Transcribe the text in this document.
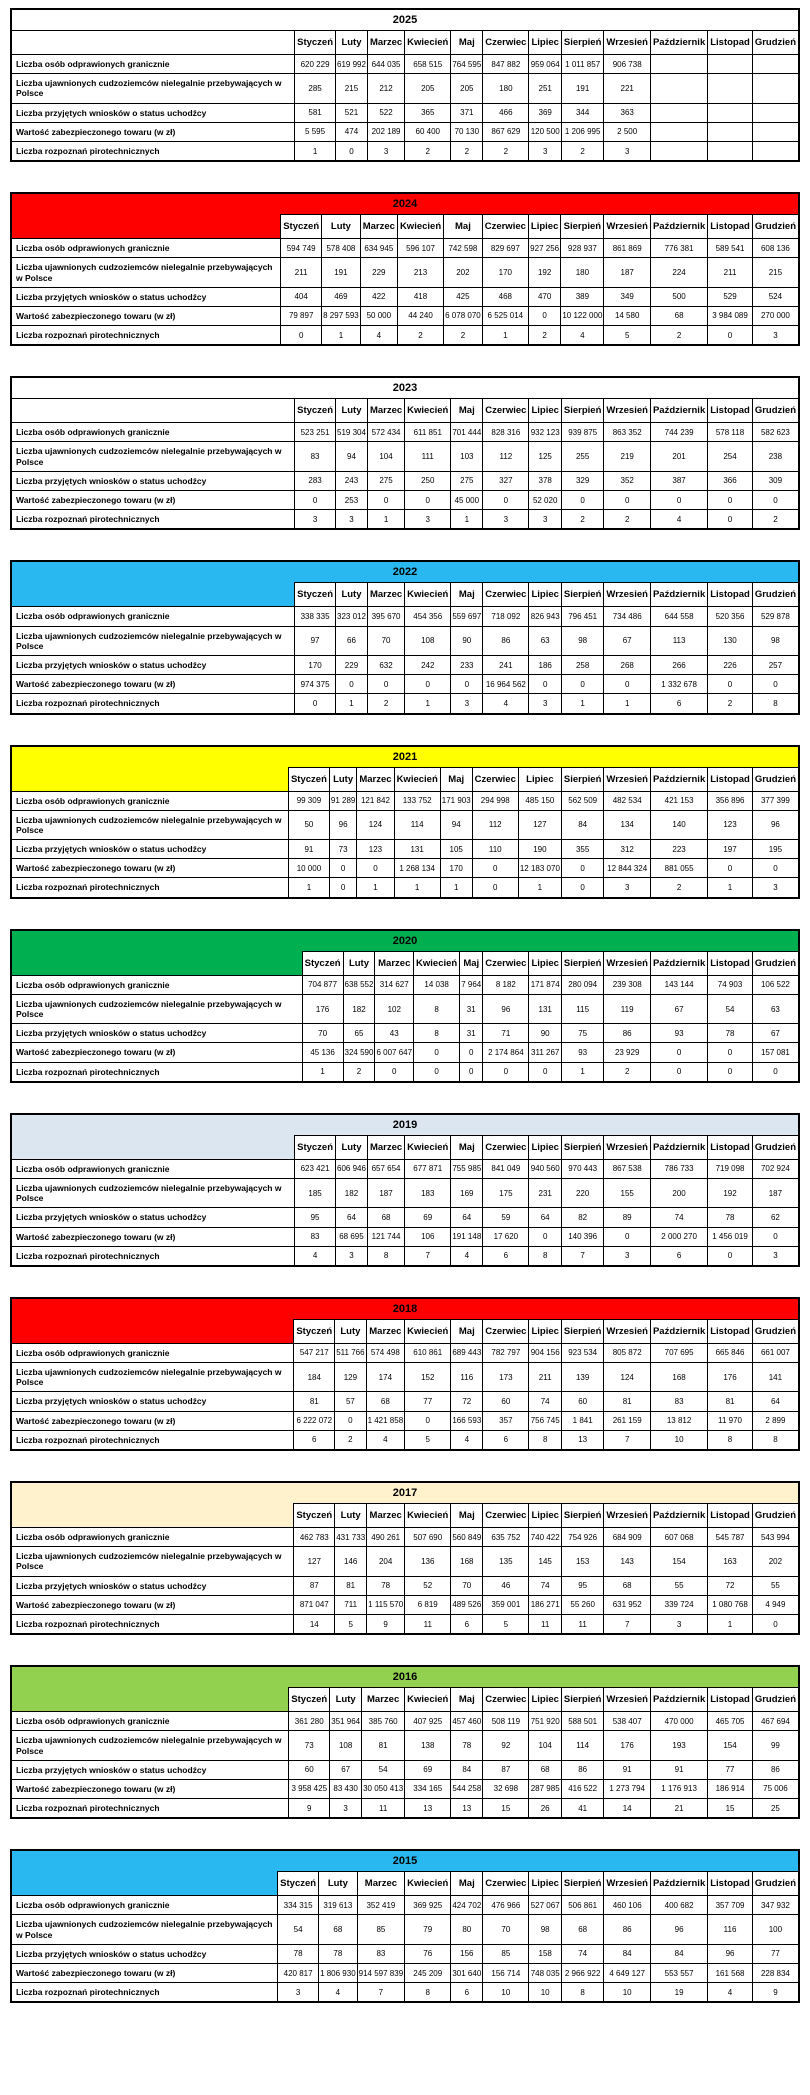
2025												
	Styczeń	Luty	Marzec	Kwiecień	Maj	Czerwiec	Lipiec	Sierpień	Wrzesień	Październik	Listopad	Grudzień
Liczba osób odprawionych granicznie	620 229	619 992	644 035	658 515	764 595	847 882	959 064	1 011 857	906 738			
Liczba ujawnionych cudzoziemców nielegalnie przebywających w Polsce	285	215	212	205	205	180	251	191	221			
Liczba przyjętych wniosków o status uchodźcy	581	521	522	365	371	466	369	344	363			
Wartość zabezpieczonego towaru (w zł)	5 595	474	202 189	60 400	70 130	867 629	120 500	1 206 995	2 500			
Liczba rozpoznań pirotechnicznych	1	0	3	2	2	2	3	2	3			
2024												
	Styczeń	Luty	Marzec	Kwiecień	Maj	Czerwiec	Lipiec	Sierpień	Wrzesień	Październik	Listopad	Grudzień
Liczba osób odprawionych granicznie	594 749	578 408	634 945	596 107	742 598	829 697	927 256	928 937	861 869	776 381	589 541	608 136
Liczba ujawnionych cudzoziemców nielegalnie przebywających w Polsce	211	191	229	213	202	170	192	180	187	224	211	215
Liczba przyjętych wniosków o status uchodźcy	404	469	422	418	425	468	470	389	349	500	529	524
Wartość zabezpieczonego towaru (w zł)	79 897	8 297 593	50 000	44 240	6 078 070	6 525 014	0	10 122 000	14 580	68	3 984 089	270 000
Liczba rozpoznań pirotechnicznych	0	1	4	2	2	1	2	4	5	2	0	3
2023												
	Styczeń	Luty	Marzec	Kwiecień	Maj	Czerwiec	Lipiec	Sierpień	Wrzesień	Październik	Listopad	Grudzień
Liczba osób odprawionych granicznie	523 251	519 304	572 434	611 851	701 444	828 316	932 123	939 875	863 352	744 239	578 118	582 623
Liczba ujawnionych cudzoziemców nielegalnie przebywających w Polsce	83	94	104	111	103	112	125	255	219	201	254	238
Liczba przyjętych wniosków o status uchodźcy	283	243	275	250	275	327	378	329	352	387	366	309
Wartość zabezpieczonego towaru (w zł)	0	253	0	0	45 000	0	52 020	0	0	0	0	0
Liczba rozpoznań pirotechnicznych	3	3	1	3	1	3	3	2	2	4	0	2
2022												
	Styczeń	Luty	Marzec	Kwiecień	Maj	Czerwiec	Lipiec	Sierpień	Wrzesień	Październik	Listopad	Grudzień
Liczba osób odprawionych granicznie	338 335	323 012	395 670	454 356	559 697	718 092	826 943	796 451	734 486	644 558	520 356	529 878
Liczba ujawnionych cudzoziemców nielegalnie przebywających w Polsce	97	66	70	108	90	86	63	98	67	113	130	98
Liczba przyjętych wniosków o status uchodźcy	170	229	632	242	233	241	186	258	268	266	226	257
Wartość zabezpieczonego towaru (w zł)	974 375	0	0	0	0	16 964 562	0	0	0	1 332 678	0	0
Liczba rozpoznań pirotechnicznych	0	1	2	1	3	4	3	1	1	6	2	8
2021												
	Styczeń	Luty	Marzec	Kwiecień	Maj	Czerwiec	Lipiec	Sierpień	Wrzesień	Październik	Listopad	Grudzień
Liczba osób odprawionych granicznie	99 309	91 289	121 842	133 752	171 903	294 998	485 150	562 509	482 534	421 153	356 896	377 399
Liczba ujawnionych cudzoziemców nielegalnie przebywających w Polsce	50	96	124	114	94	112	127	84	134	140	123	96
Liczba przyjętych wniosków o status uchodźcy	91	73	123	131	105	110	190	355	312	223	197	195
Wartość zabezpieczonego towaru (w zł)	10 000	0	0	1 268 134	170	0	12 183 070	0	12 844 324	881 055	0	0
Liczba rozpoznań pirotechnicznych	1	0	1	1	1	0	1	0	3	2	1	3
2020												
	Styczeń	Luty	Marzec	Kwiecień	Maj	Czerwiec	Lipiec	Sierpień	Wrzesień	Październik	Listopad	Grudzień
Liczba osób odprawionych granicznie	704 877	638 552	314 627	14 038	7 964	8 182	171 874	280 094	239 308	143 144	74 903	106 522
Liczba ujawnionych cudzoziemców nielegalnie przebywających w Polsce	176	182	102	8	31	96	131	115	119	67	54	63
Liczba przyjętych wniosków o status uchodźcy	70	65	43	8	31	71	90	75	86	93	78	67
Wartość zabezpieczonego towaru (w zł)	45 136	324 590	6 007 647	0	0	2 174 864	311 267	93	23 929	0	0	157 081
Liczba rozpoznań pirotechnicznych	1	2	0	0	0	0	0	1	2	0	0	0
2019												
	Styczeń	Luty	Marzec	Kwiecień	Maj	Czerwiec	Lipiec	Sierpień	Wrzesień	Październik	Listopad	Grudzień
Liczba osób odprawionych granicznie	623 421	606 946	657 654	677 871	755 985	841 049	940 560	970 443	867 538	786 733	719 098	702 924
Liczba ujawnionych cudzoziemców nielegalnie przebywających w Polsce	185	182	187	183	169	175	231	220	155	200	192	187
Liczba przyjętych wniosków o status uchodźcy	95	64	68	69	64	59	64	82	89	74	78	62
Wartość zabezpieczonego towaru (w zł)	83	68 695	121 744	106	191 148	17 620	0	140 396	0	2 000 270	1 456 019	0
Liczba rozpoznań pirotechnicznych	4	3	8	7	4	6	8	7	3	6	0	3
2018												
	Styczeń	Luty	Marzec	Kwiecień	Maj	Czerwiec	Lipiec	Sierpień	Wrzesień	Październik	Listopad	Grudzień
Liczba osób odprawionych granicznie	547 217	511 766	574 498	610 861	689 443	782 797	904 156	923 534	805 872	707 695	665 846	661 007
Liczba ujawnionych cudzoziemców nielegalnie przebywających w Polsce	184	129	174	152	116	173	211	139	124	168	176	141
Liczba przyjętych wniosków o status uchodźcy	81	57	68	77	72	60	74	60	81	83	81	64
Wartość zabezpieczonego towaru (w zł)	6 222 072	0	1 421 858	0	166 593	357	756 745	1 841	261 159	13 812	11 970	2 899
Liczba rozpoznań pirotechnicznych	6	2	4	5	4	6	8	13	7	10	8	8
2017												
	Styczeń	Luty	Marzec	Kwiecień	Maj	Czerwiec	Lipiec	Sierpień	Wrzesień	Październik	Listopad	Grudzień
Liczba osób odprawionych granicznie	462 783	431 733	490 261	507 690	560 849	635 752	740 422	754 926	684 909	607 068	545 787	543 994
Liczba ujawnionych cudzoziemców nielegalnie przebywających w Polsce	127	146	204	136	168	135	145	153	143	154	163	202
Liczba przyjętych wniosków o status uchodźcy	87	81	78	52	70	46	74	95	68	55	72	55
Wartość zabezpieczonego towaru (w zł)	871 047	711	1 115 570	6 819	489 526	359 001	186 271	55 260	631 952	339 724	1 080 768	4 949
Liczba rozpoznań pirotechnicznych	14	5	9	11	6	5	11	11	7	3	1	0
2016												
	Styczeń	Luty	Marzec	Kwiecień	Maj	Czerwiec	Lipiec	Sierpień	Wrzesień	Październik	Listopad	Grudzień
Liczba osób odprawionych granicznie	361 280	351 964	385 760	407 925	457 460	508 119	751 920	588 501	538 407	470 000	465 705	467 694
Liczba ujawnionych cudzoziemców nielegalnie przebywających w Polsce	73	108	81	138	78	92	104	114	176	193	154	99
Liczba przyjętych wniosków o status uchodźcy	60	67	54	69	84	87	68	86	91	91	77	86
Wartość zabezpieczonego towaru (w zł)	3 958 425	83 430	30 050 413	334 165	544 258	32 698	287 985	416 522	1 273 794	1 176 913	186 914	75 006
Liczba rozpoznań pirotechnicznych	9	3	11	13	13	15	26	41	14	21	15	25
2015												
	Styczeń	Luty	Marzec	Kwiecień	Maj	Czerwiec	Lipiec	Sierpień	Wrzesień	Październik	Listopad	Grudzień
Liczba osób odprawionych granicznie	334 315	319 613	352 419	369 925	424 702	476 966	527 067	506 861	460 106	400 682	357 709	347 932
Liczba ujawnionych cudzoziemców nielegalnie przebywających w Polsce	54	68	85	79	80	70	98	68	86	96	116	100
Liczba przyjętych wniosków o status uchodźcy	78	78	83	76	156	85	158	74	84	84	96	77
Wartość zabezpieczonego towaru (w zł)	420 817	1 806 930	914 597 839	245 209	301 640	156 714	748 035	2 966 922	4 649 127	553 557	161 568	228 834
Liczba rozpoznań pirotechnicznych	3	4	7	8	6	10	10	8	10	19	4	9
